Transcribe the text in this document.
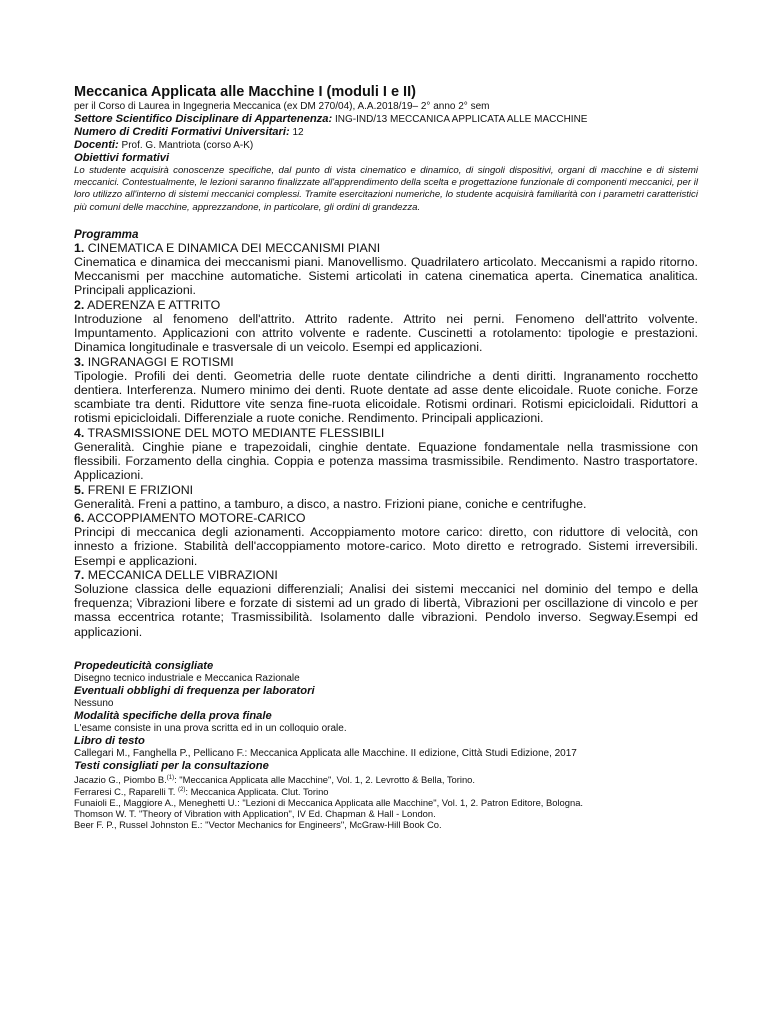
Meccanica Applicata alle Macchine I (moduli I e II)
per il Corso di Laurea in Ingegneria Meccanica (ex DM 270/04), A.A.2018/19– 2° anno 2° sem
Settore Scientifico Disciplinare di Appartenenza: ING-IND/13 MECCANICA APPLICATA ALLE MACCHINE
Numero di Crediti Formativi Universitari: 12
Docenti: Prof. G. Mantriota (corso A-K)
Obiettivi formativi

Lo studente acquisirà conoscenze specifiche, dal punto di vista cinematico e dinamico, di singoli dispositivi, organi di macchine e di sistemi meccanici. Contestualmente, le lezioni saranno finalizzate all'apprendimento della scelta e progettazione funzionale di componenti meccanici, per il loro utilizzo all'interno di sistemi meccanici complessi. Tramite esercitazioni numeriche, lo studente acquisirà familiarità con i parametri caratteristici più comuni delle macchine, apprezzandone, in particolare, gli ordini di grandezza.

Programma
1. CINEMATICA E DINAMICA DEI MECCANISMI PIANI

Cinematica e dinamica dei meccanismi piani. Manovellismo. Quadrilatero articolato. Meccanismi a rapido ritorno. Meccanismi per macchine automatiche. Sistemi articolati in catena cinematica aperta. Cinematica analitica. Principali applicazioni.

2. ADERENZA E ATTRITO

Introduzione al fenomeno dell'attrito. Attrito radente. Attrito nei perni. Fenomeno dell'attrito volvente. Impuntamento. Applicazioni con attrito volvente e radente. Cuscinetti a rotolamento: tipologie e prestazioni. Dinamica longitudinale e trasversale di un veicolo. Esempi ed applicazioni.

3. INGRANAGGI E ROTISMI

Tipologie. Profili dei denti. Geometria delle ruote dentate cilindriche a denti diritti. Ingranamento rocchetto dentiera. Interferenza. Numero minimo dei denti. Ruote dentate ad asse dente elicoidale. Ruote coniche. Forze scambiate tra denti. Riduttore vite senza fine-ruota elicoidale. Rotismi ordinari. Rotismi epicicloidali. Riduttori a rotismi epicicloidali. Differenziale a ruote coniche. Rendimento. Principali applicazioni.

4. TRASMISSIONE DEL MOTO MEDIANTE FLESSIBILI

Generalità. Cinghie piane e trapezoidali, cinghie dentate. Equazione fondamentale nella trasmissione con flessibili. Forzamento della cinghia. Coppia e potenza massima trasmissibile. Rendimento. Nastro trasportatore. Applicazioni.

5. FRENI E FRIZIONI

Generalità. Freni a pattino, a tamburo, a disco, a nastro. Frizioni piane, coniche e centrifughe.

6. ACCOPPIAMENTO MOTORE-CARICO

Principi di meccanica degli azionamenti. Accoppiamento motore carico: diretto, con riduttore di velocità, con innesto a frizione. Stabilità dell'accoppiamento motore-carico. Moto diretto e retrogrado. Sistemi irreversibili. Esempi e applicazioni.

7. MECCANICA DELLE VIBRAZIONI

Soluzione classica delle equazioni differenziali; Analisi dei sistemi meccanici nel dominio del tempo e della frequenza; Vibrazioni libere e forzate di sistemi ad un grado di libertà, Vibrazioni per oscillazione di vincolo e per massa eccentrica rotante; Trasmissibilità. Isolamento dalle vibrazioni. Pendolo inverso. Segway.Esempi ed applicazioni.

Propedeuticità consigliate
Disegno tecnico industriale e Meccanica Razionale
Eventuali obblighi di frequenza per laboratori
Nessuno
Modalità specifiche della prova finale
L'esame consiste in una prova scritta ed in un colloquio orale.
Libro di testo
Callegari M., Fanghella P., Pellicano F.: Meccanica Applicata alle Macchine. II edizione, Città Studi Edizione, 2017
Testi consigliati per la consultazione

Jacazio G., Piombo B.$^{(1)}$: "Meccanica Applicata alle Macchine", Vol. 1, 2. Levrotto & Bella, Torino.

Ferraresi C., Raparelli T. $^{(2)}$: Meccanica Applicata. Clut. Torino

Funaioli E., Maggiore A., Meneghetti U.: "Lezioni di Meccanica Applicata alle Macchine", Vol. 1, 2. Patron Editore, Bologna.

Thomson W. T. "Theory of Vibration with Application", IV Ed. Chapman & Hall - London.

Beer F. P., Russel Johnston E.: "Vector Mechanics for Engineers", McGraw-Hill Book Co.
